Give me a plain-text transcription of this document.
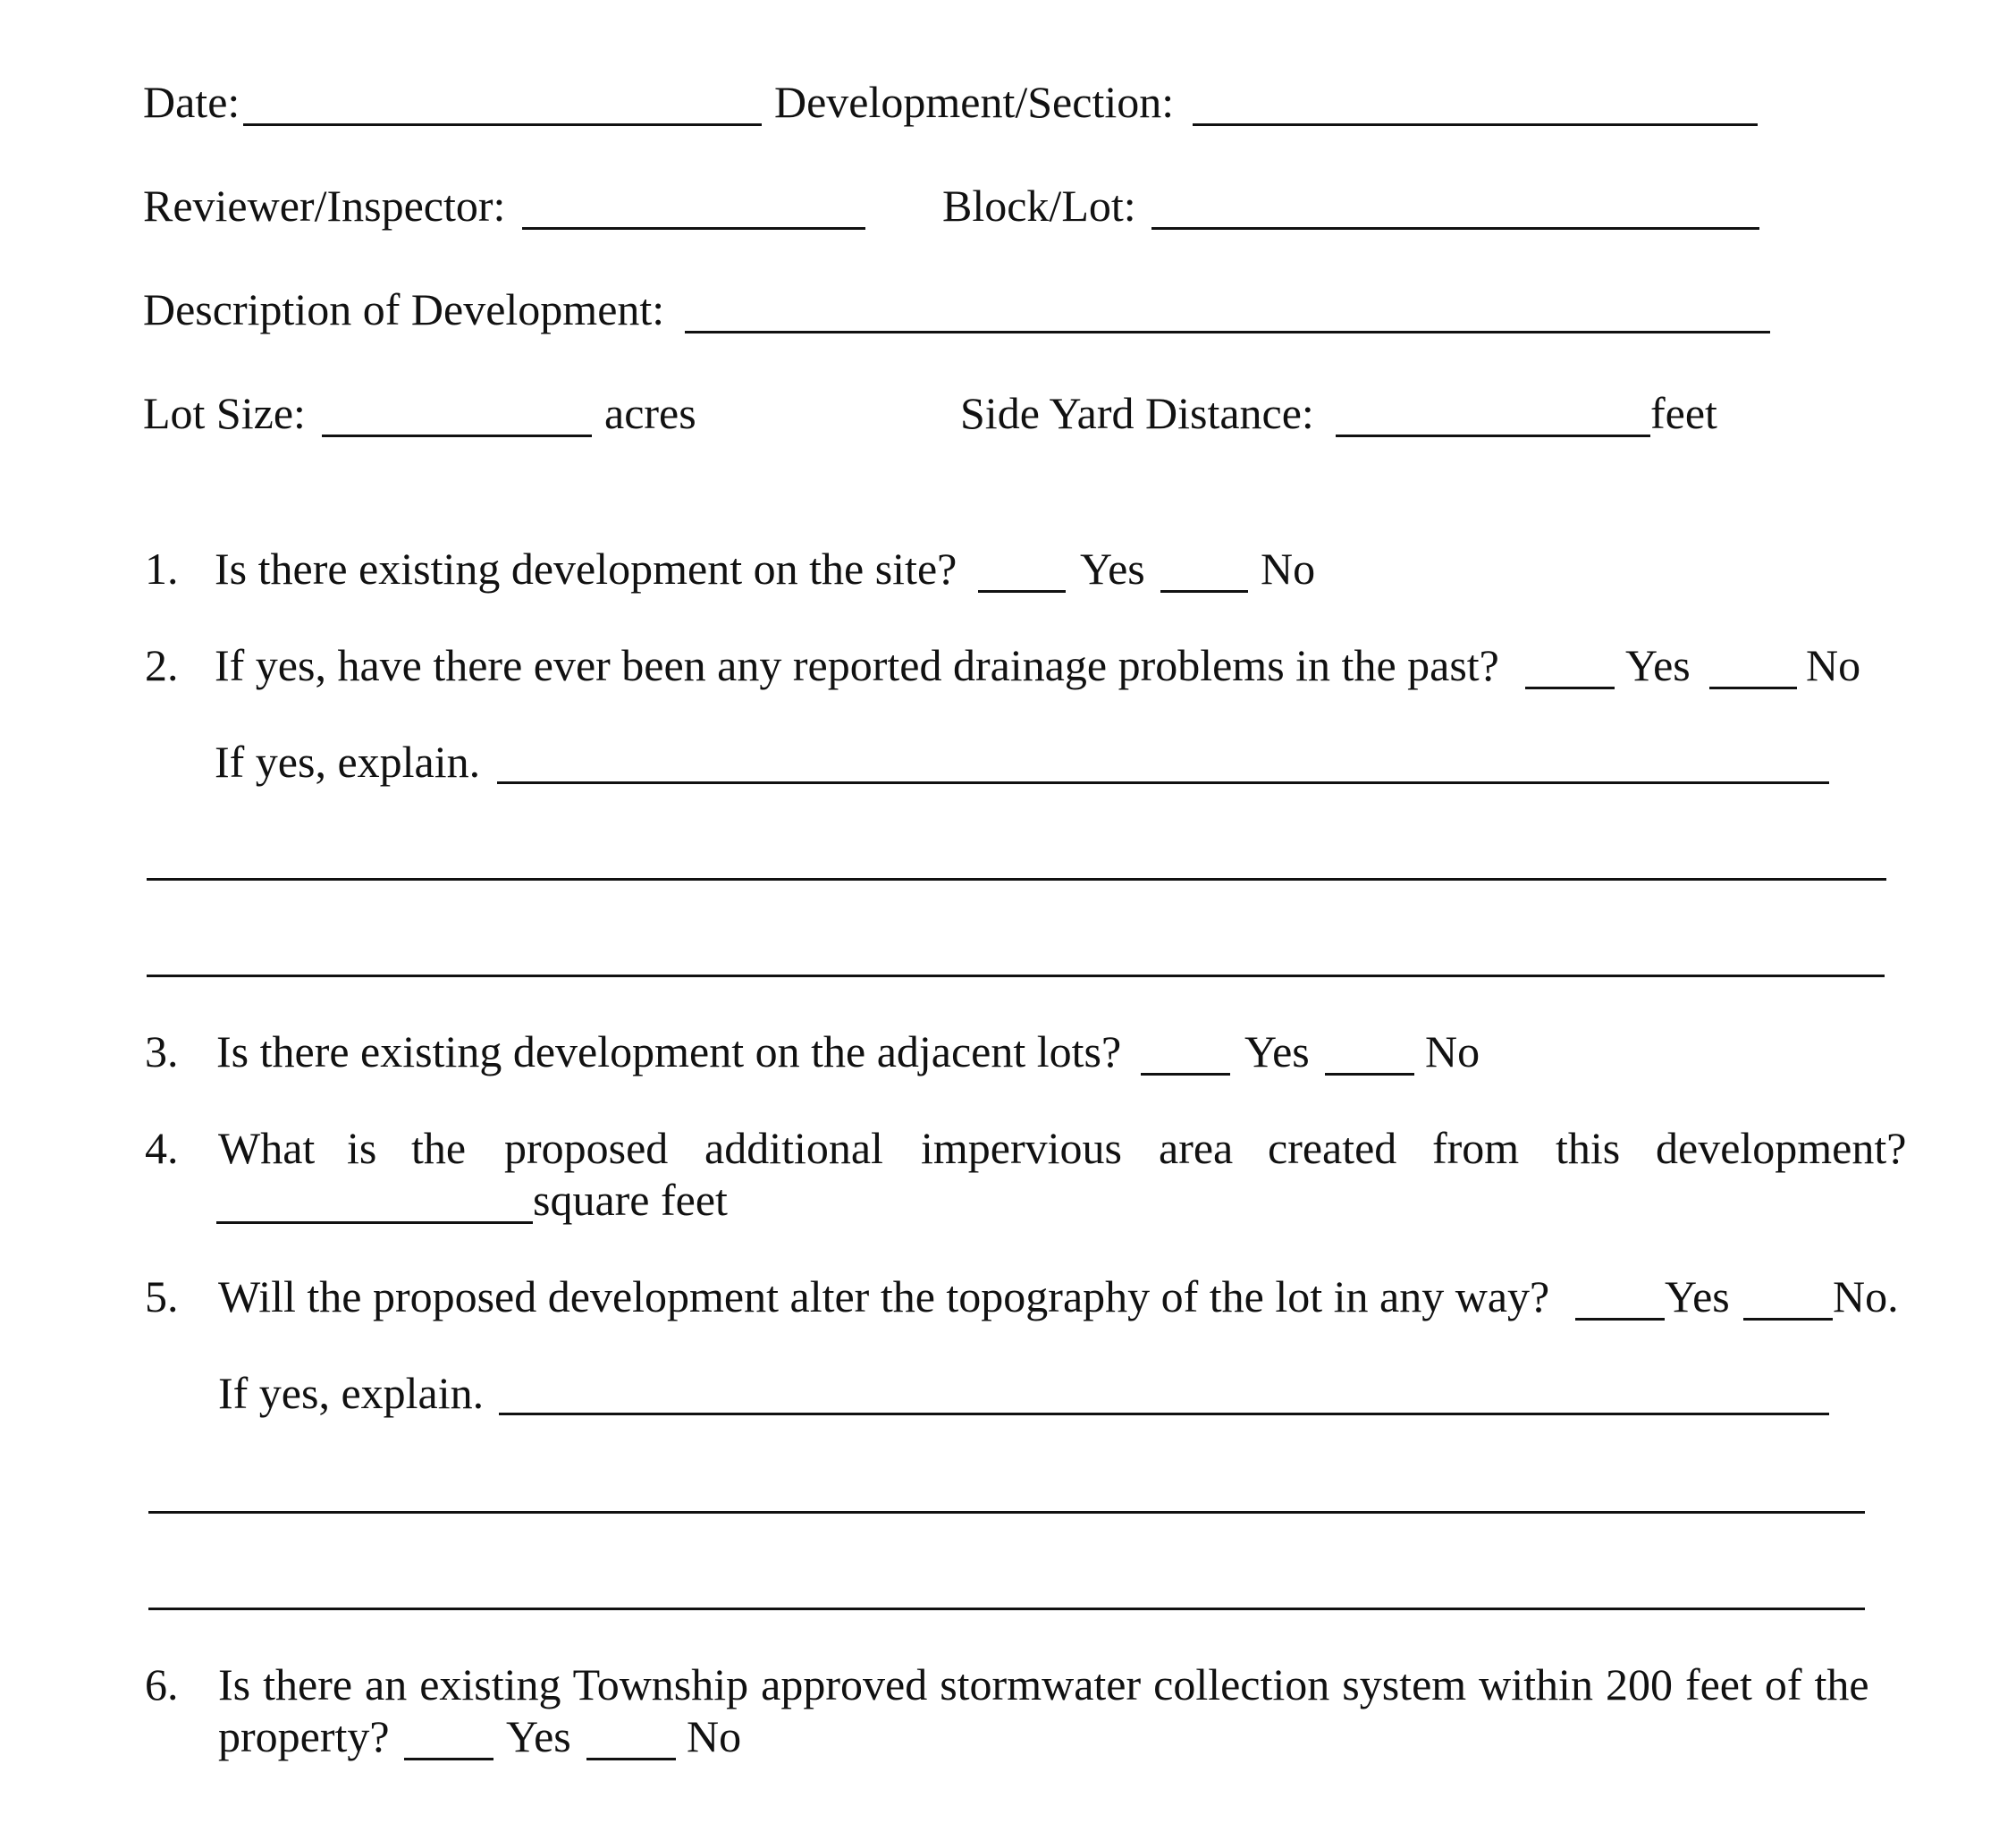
Date:	Development/Section:
Reviewer/Inspector:	Block/Lot:
Description of Development:
Lot Size:	acres	Side Yard Distance:	feet
1. Is there existing development on the site?	Yes	No
2. If yes, have there ever been any reported drainage problems in the past?	Yes	No
If yes, explain.
3. Is there existing development on the adjacent lots?	Yes	No
4. What is the proposed additional impervious area created from this development?
square feet
5. Will the proposed development alter the topography of the lot in any way?	Yes No.
If yes, explain.
6. Is there an existing Township approved stormwater collection system within 200 feet of the
property?	Yes	No
